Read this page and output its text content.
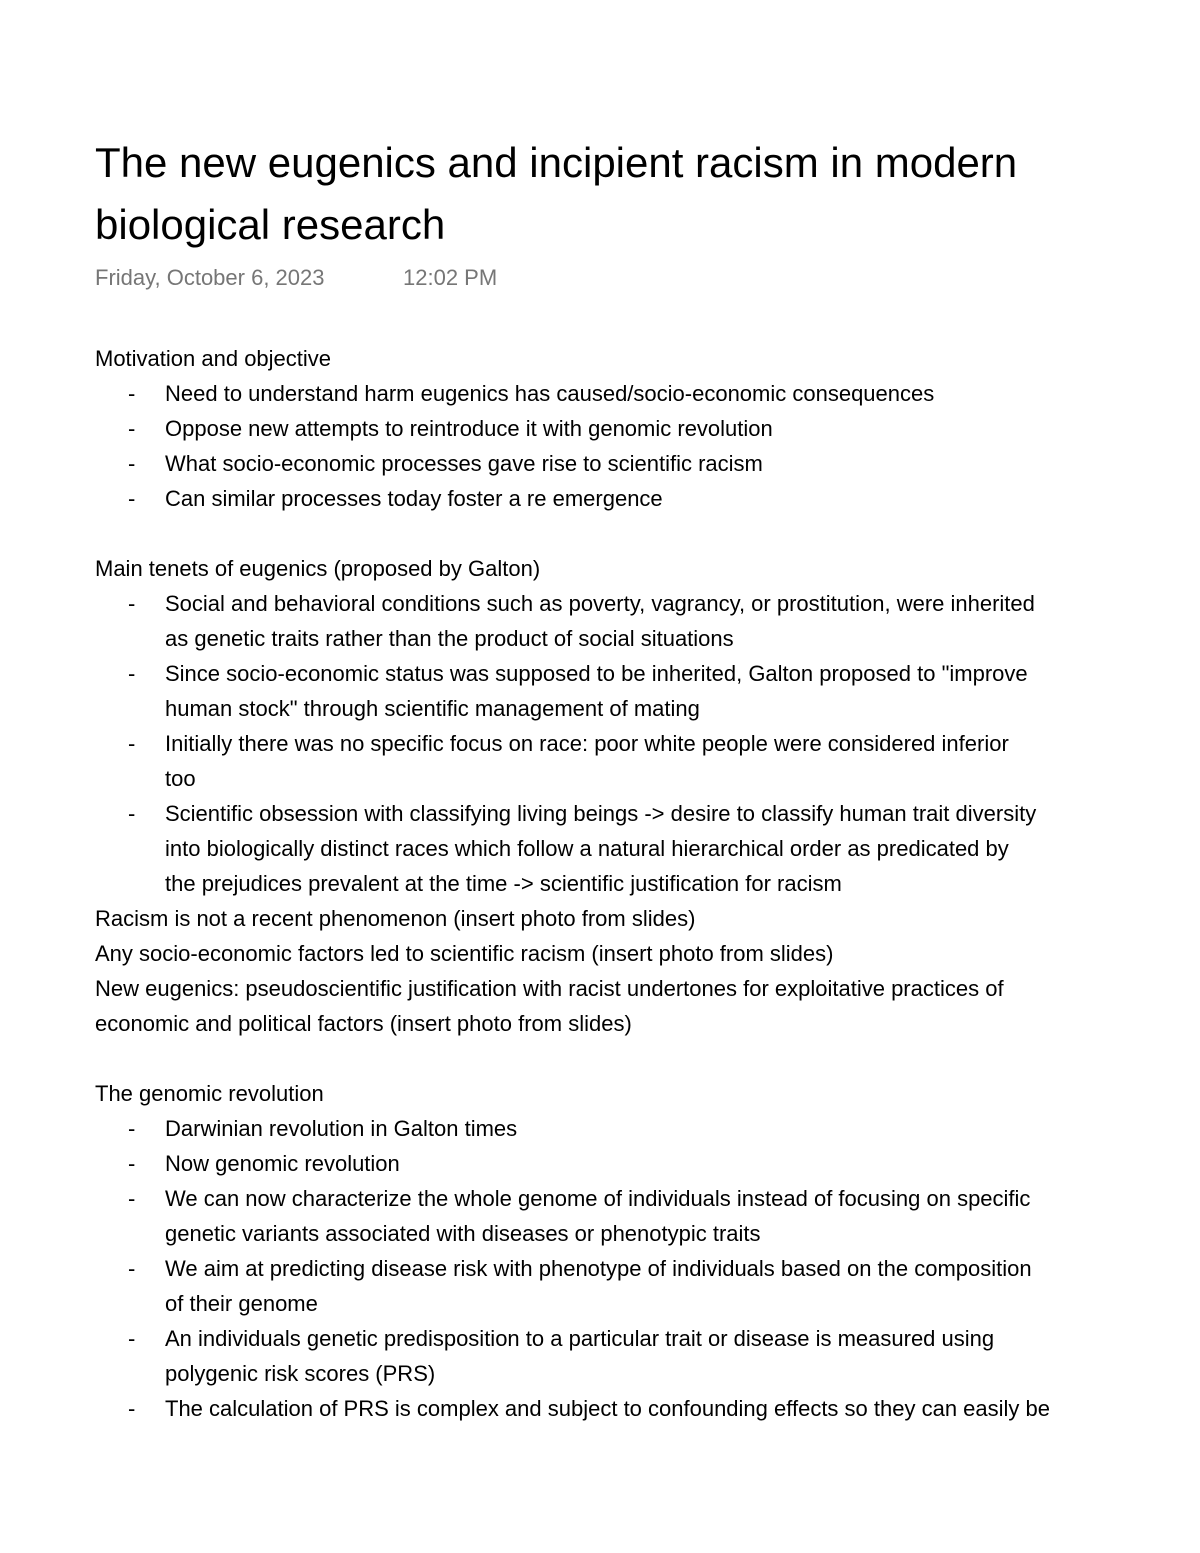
The new eugenics and incipient racism in modern
biological research
Friday, October 6, 2023	12:02 PM

Motivation and objective

- Need to understand harm eugenics has caused/socio-economic consequences
- Oppose new attempts to reintroduce it with genomic revolution
- What socio-economic processes gave rise to scientific racism
- Can similar processes today foster a re emergence

Main tenets of eugenics (proposed by Galton)

- Social and behavioral conditions such as poverty, vagrancy, or prostitution, were inherited
as genetic traits rather than the product of social situations
- Since socio-economic status was supposed to be inherited, Galton proposed to "improve
human stock" through scientific management of mating
- Initially there was no specific focus on race: poor white people were considered inferior
too
- Scientific obsession with classifying living beings -> desire to classify human trait diversity
into biologically distinct races which follow a natural hierarchical order as predicated by
the prejudices prevalent at the time -> scientific justification for racism

Racism is not a recent phenomenon (insert photo from slides)

Any socio-economic factors led to scientific racism (insert photo from slides)

New eugenics: pseudoscientific justification with racist undertones for exploitative practices of

economic and political factors (insert photo from slides)

The genomic revolution

- Darwinian revolution in Galton times
- Now genomic revolution
- We can now characterize the whole genome of individuals instead of focusing on specific
genetic variants associated with diseases or phenotypic traits
- We aim at predicting disease risk with phenotype of individuals based on the composition
of their genome
- An individuals genetic predisposition to a particular trait or disease is measured using
polygenic risk scores (PRS)
- The calculation of PRS is complex and subject to confounding effects so they can easily be
